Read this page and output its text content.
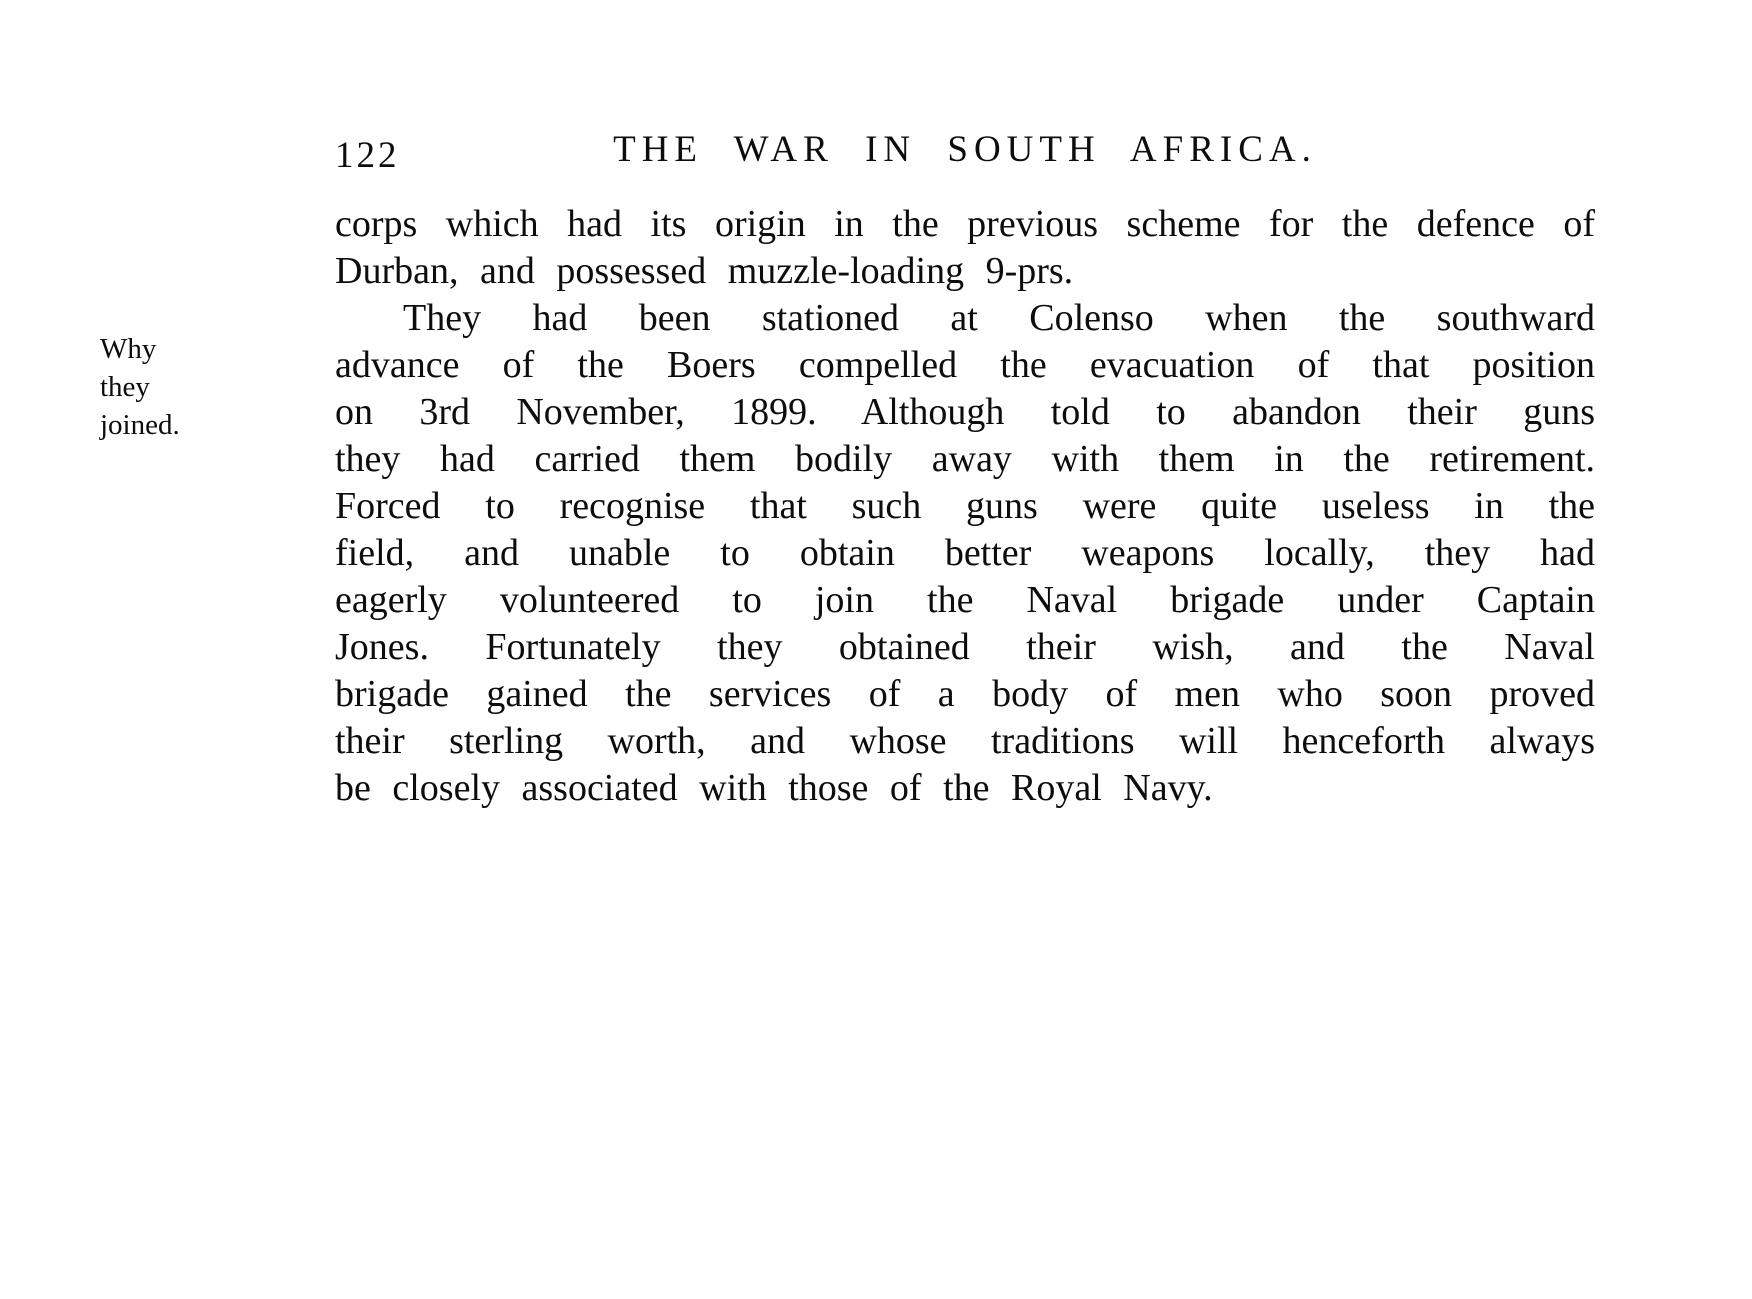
122	THE WAR IN SOUTH AFRICA.
Why they joined.
corps which had its origin in the previous scheme for the defence of
Durban, and possessed muzzle-loading 9-prs.
They had been stationed at Colenso when the southward
advance of the Boers compelled the evacuation of that position
on 3rd November, 1899. Although told to abandon their guns
they had carried them bodily away with them in the retirement.
Forced to recognise that such guns were quite useless in the
field, and unable to obtain better weapons locally, they had
eagerly volunteered to join the Naval brigade under Captain
Jones. Fortunately they obtained their wish, and the Naval
brigade gained the services of a body of men who soon proved
their sterling worth, and whose traditions will henceforth always
be closely associated with those of the Royal Navy.
